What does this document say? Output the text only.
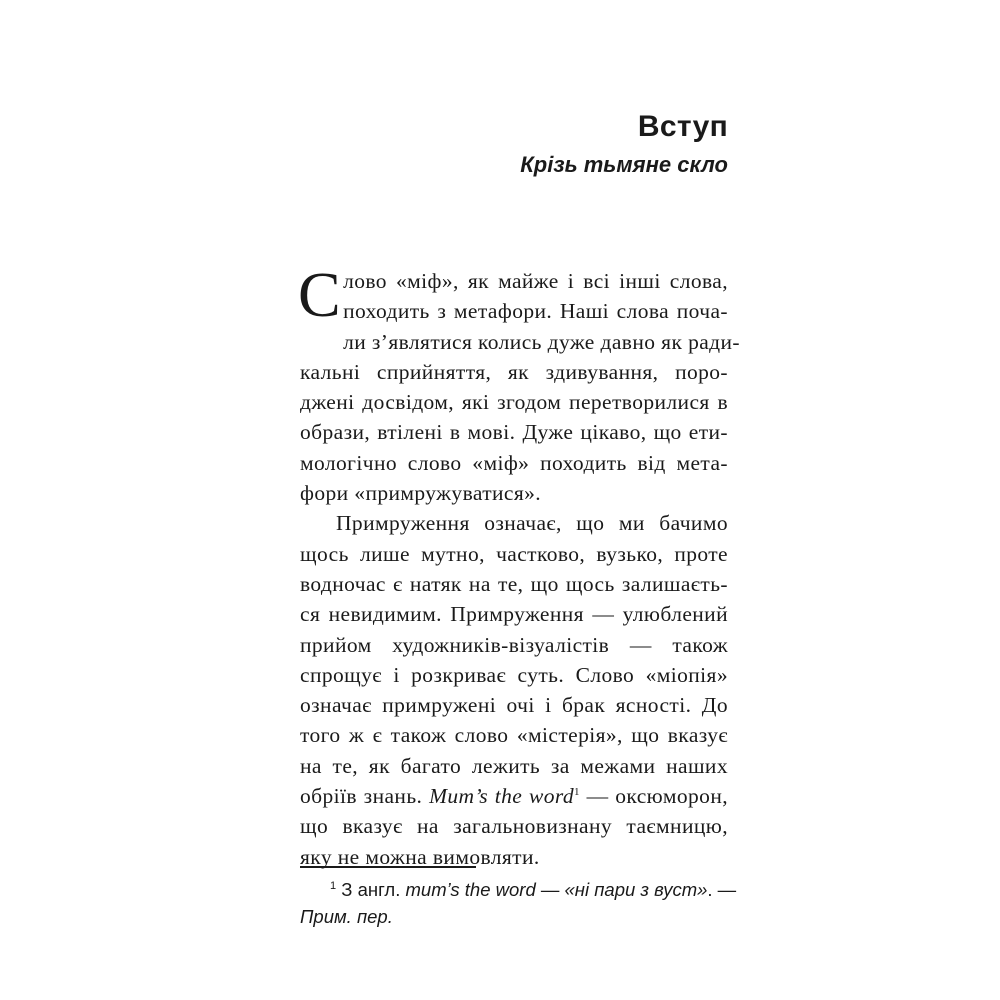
Вступ
Крізь тьмяне скло

С лово «міф», як майже і всі інші слова,
походить з метафори. Наші слова поча-
ли з’являтися колись дуже давно як ради-
кальні сприйняття, як здивування, поро-
джені досвідом, які згодом перетворилися в
образи, втілені в мові. Дуже цікаво, що ети-
мологічно слово «міф» походить від мета-
фори «примружуватися».

Примруження означає, що ми бачимо
щось лише мутно, частково, вузько, проте
водночас є натяк на те, що щось залишаєть-
ся невидимим. Примруження — улюблений
прийом художників-візуалістів — також
спрощує і розкриває суть. Слово «міопія»
означає примружені очі і брак ясності. До
того ж є також слово «містерія», що вказує
на те, як багато лежить за межами наших
обріїв знань. Mum’s the word$^1$ — оксюморон,
що вказує на загальновизнану таємницю,
яку не можна вимовляти.

$^1$ З англ. mum’s the word — «ні пари з вуст». —
Прим. пер.
